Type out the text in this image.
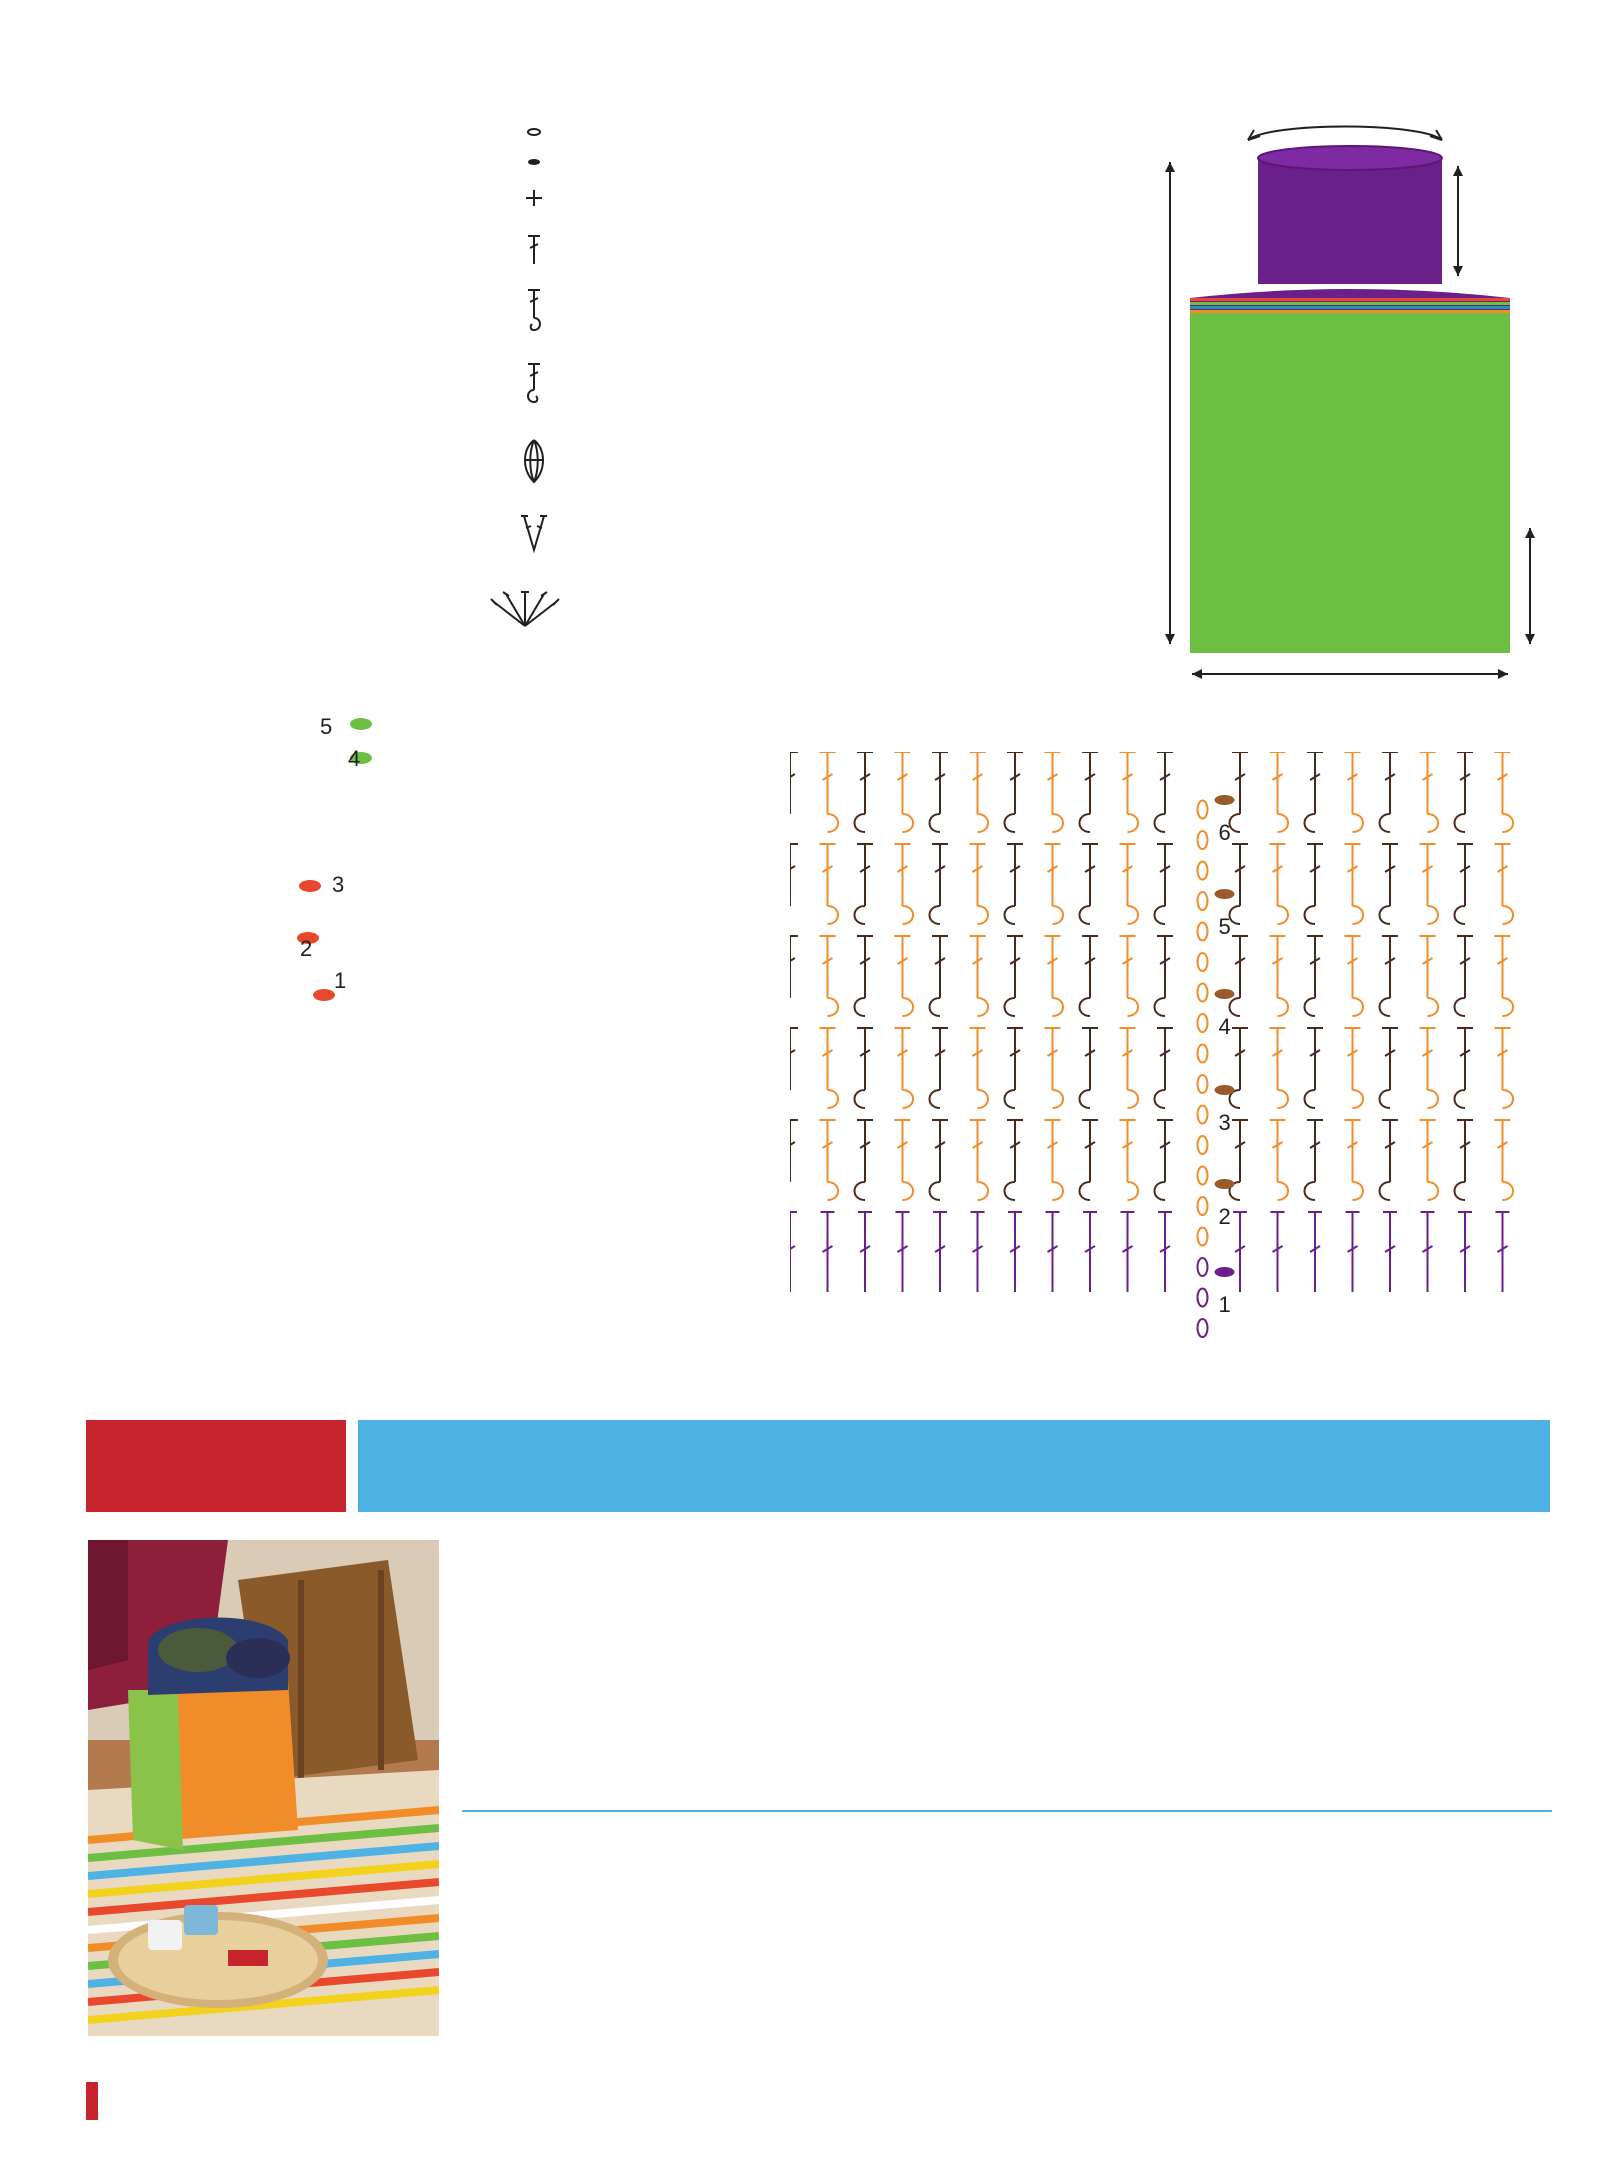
1
2
3
4
5
1
2
3
4
5
6
